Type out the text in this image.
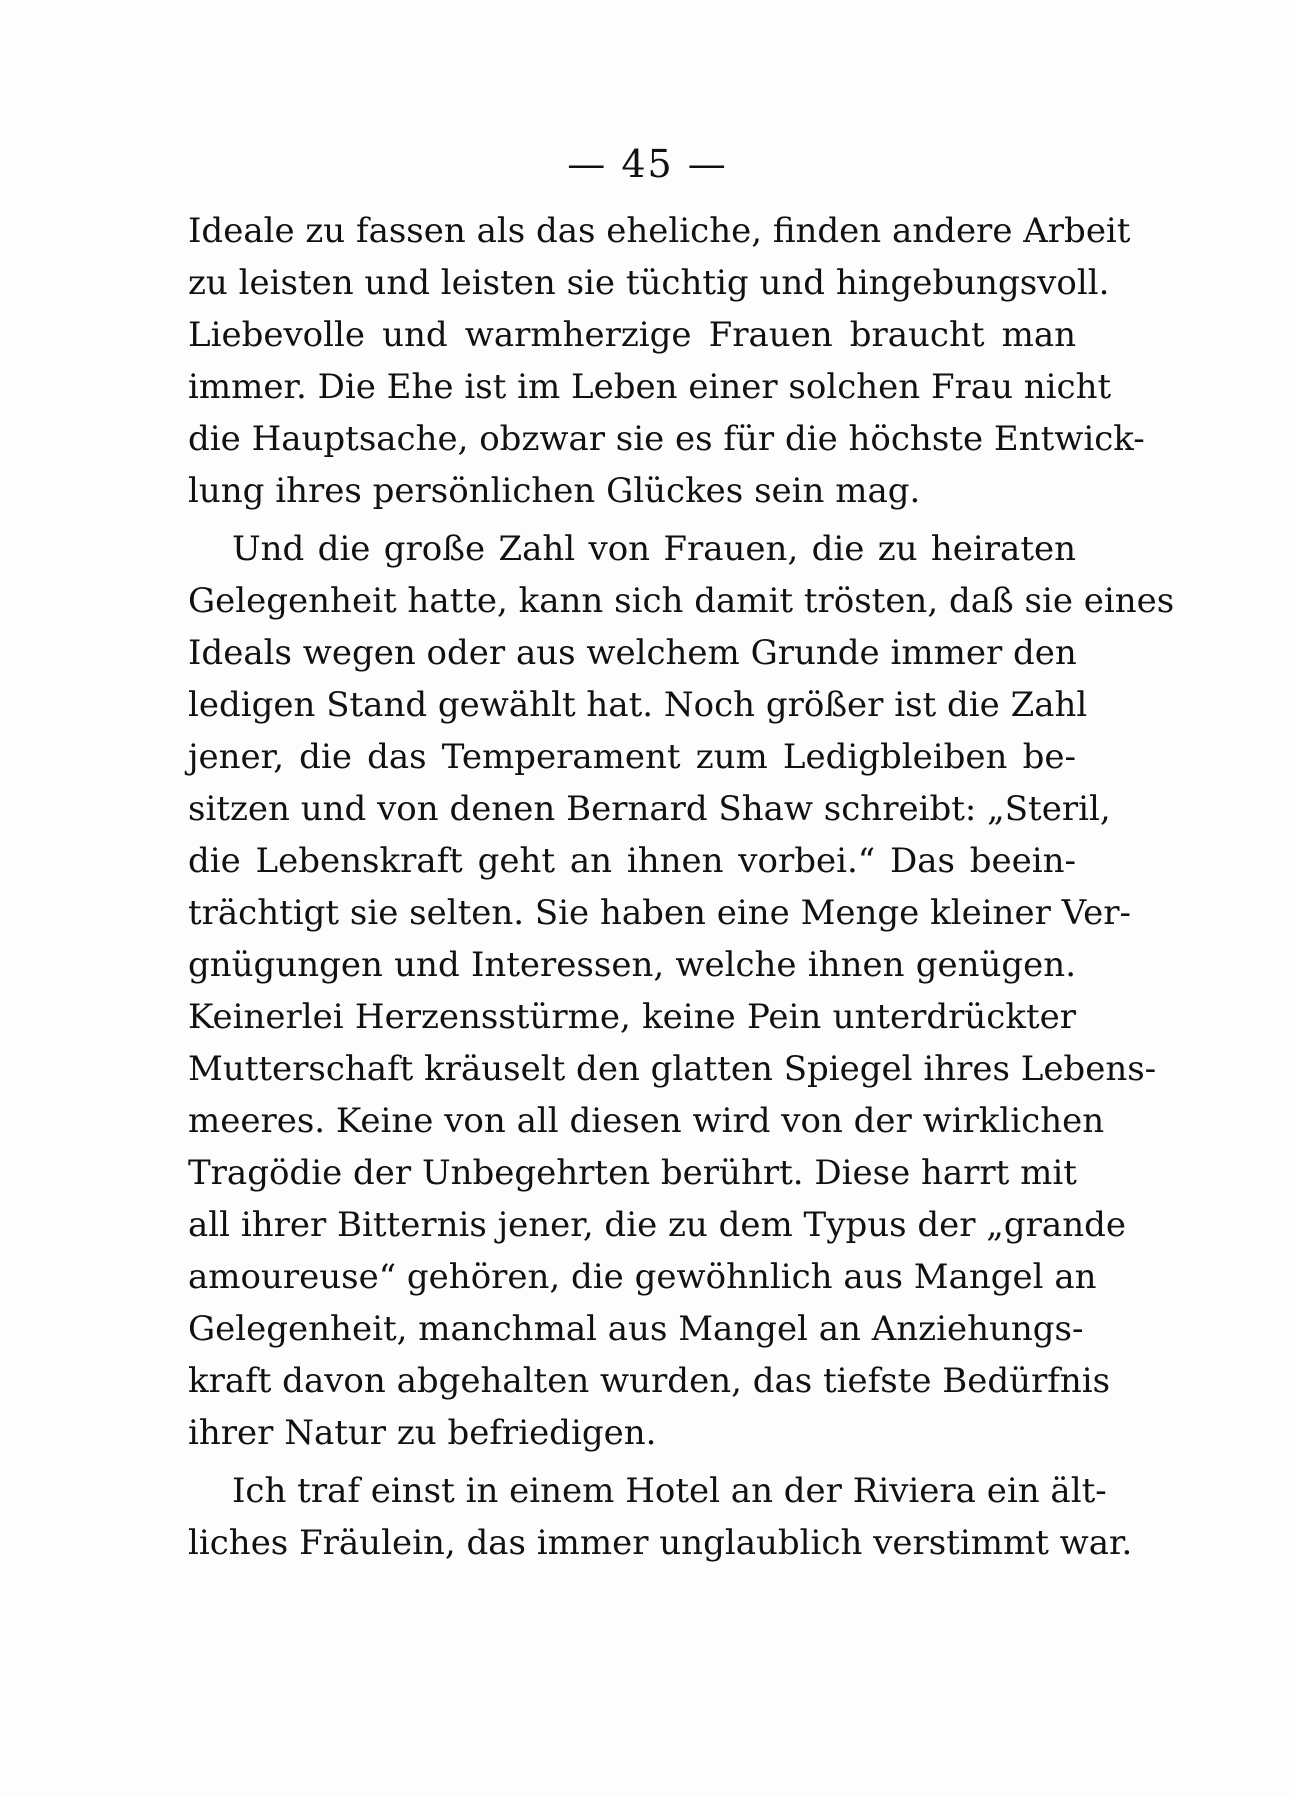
— 45 —
Ideale zu fassen als das eheliche, finden andere Arbeit
zu leisten und leisten sie tüchtig und hingebungsvoll.
Liebevolle und warmherzige Frauen braucht man
immer. Die Ehe ist im Leben einer solchen Frau nicht
die Hauptsache, obzwar sie es für die höchste Entwick-
lung ihres persönlichen Glückes sein mag.
Und die große Zahl von Frauen, die zu heiraten
Gelegenheit hatte, kann sich damit trösten, daß sie eines
Ideals wegen oder aus welchem Grunde immer den
ledigen Stand gewählt hat. Noch größer ist die Zahl
jener, die das Temperament zum Ledigbleiben be-
sitzen und von denen Bernard Shaw schreibt: „Steril,
die Lebenskraft geht an ihnen vorbei.“ Das beein-
trächtigt sie selten. Sie haben eine Menge kleiner Ver-
gnügungen und Interessen, welche ihnen genügen.
Keinerlei Herzensstürme, keine Pein unterdrückter
Mutterschaft kräuselt den glatten Spiegel ihres Lebens-
meeres. Keine von all diesen wird von der wirklichen
Tragödie der Unbegehrten berührt. Diese harrt mit
all ihrer Bitternis jener, die zu dem Typus der „grande
amoureuse“ gehören, die gewöhnlich aus Mangel an
Gelegenheit, manchmal aus Mangel an Anziehungs-
kraft davon abgehalten wurden, das tiefste Bedürfnis
ihrer Natur zu befriedigen.
Ich traf einst in einem Hotel an der Riviera ein ält-
liches Fräulein, das immer unglaublich verstimmt war.
